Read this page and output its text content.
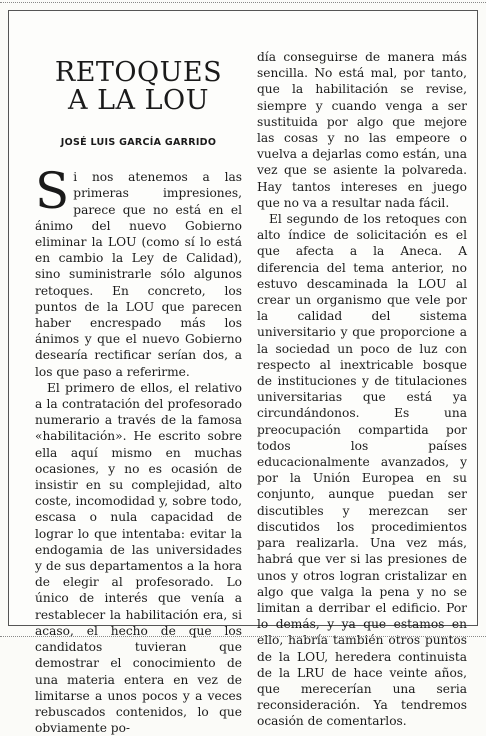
RETOQUES
A LA LOU
JOSÉ LUIS GARCÍA GARRIDO

Si nos atenemos a las primeras impresiones, parece que no está en el ánimo del nuevo Gobierno eliminar la LOU (como sí lo está en cambio la Ley de Calidad), sino suministrarle sólo algunos retoques. En concreto, los puntos de la LOU que parecen haber encrespado más los ánimos y que el nuevo Gobierno desearía rectificar serían dos, a los que paso a referirme.

El primero de ellos, el relativo a la contratación del profesorado numerario a través de la famosa «habilitación». He escrito sobre ella aquí mismo en muchas ocasiones, y no es ocasión de insistir en su complejidad, alto coste, incomodidad y, sobre todo, escasa o nula capacidad de lograr lo que intentaba: evitar la endogamia de las universidades y de sus departamentos a la hora de elegir al profesorado. Lo único de interés que venía a restablecer la habilitación era, si acaso, el hecho de que los candidatos tuvieran que demostrar el conocimiento de una materia entera en vez de limitarse a unos pocos y a veces rebuscados contenidos, lo que obviamente po-

día conseguirse de manera más sencilla. No está mal, por tanto, que la habilitación se revise, siempre y cuando venga a ser sustituida por algo que mejore las cosas y no las empeore o vuelva a dejarlas como están, una vez que se asiente la polvareda. Hay tantos intereses en juego que no va a resultar nada fácil.

El segundo de los retoques con alto índice de solicitación es el que afecta a la Aneca. A diferencia del tema anterior, no estuvo descaminada la LOU al crear un organismo que vele por la calidad del sistema universitario y que proporcione a la sociedad un poco de luz con respecto al inextricable bosque de instituciones y de titulaciones universitarias que está ya circundándonos. Es una preocupación compartida por todos los países educacionalmente avanzados, y por la Unión Europea en su conjunto, aunque puedan ser discutibles y merezcan ser discutidos los procedimientos para realizarla. Una vez más, habrá que ver si las presiones de unos y otros logran cristalizar en algo que valga la pena y no se limitan a derribar el edificio. Por lo demás, y ya que estamos en ello, habría también otros puntos de la LOU, heredera continuista de la LRU de hace veinte años, que merecerían una seria reconsideración. Ya tendremos ocasión de comentarlos.
